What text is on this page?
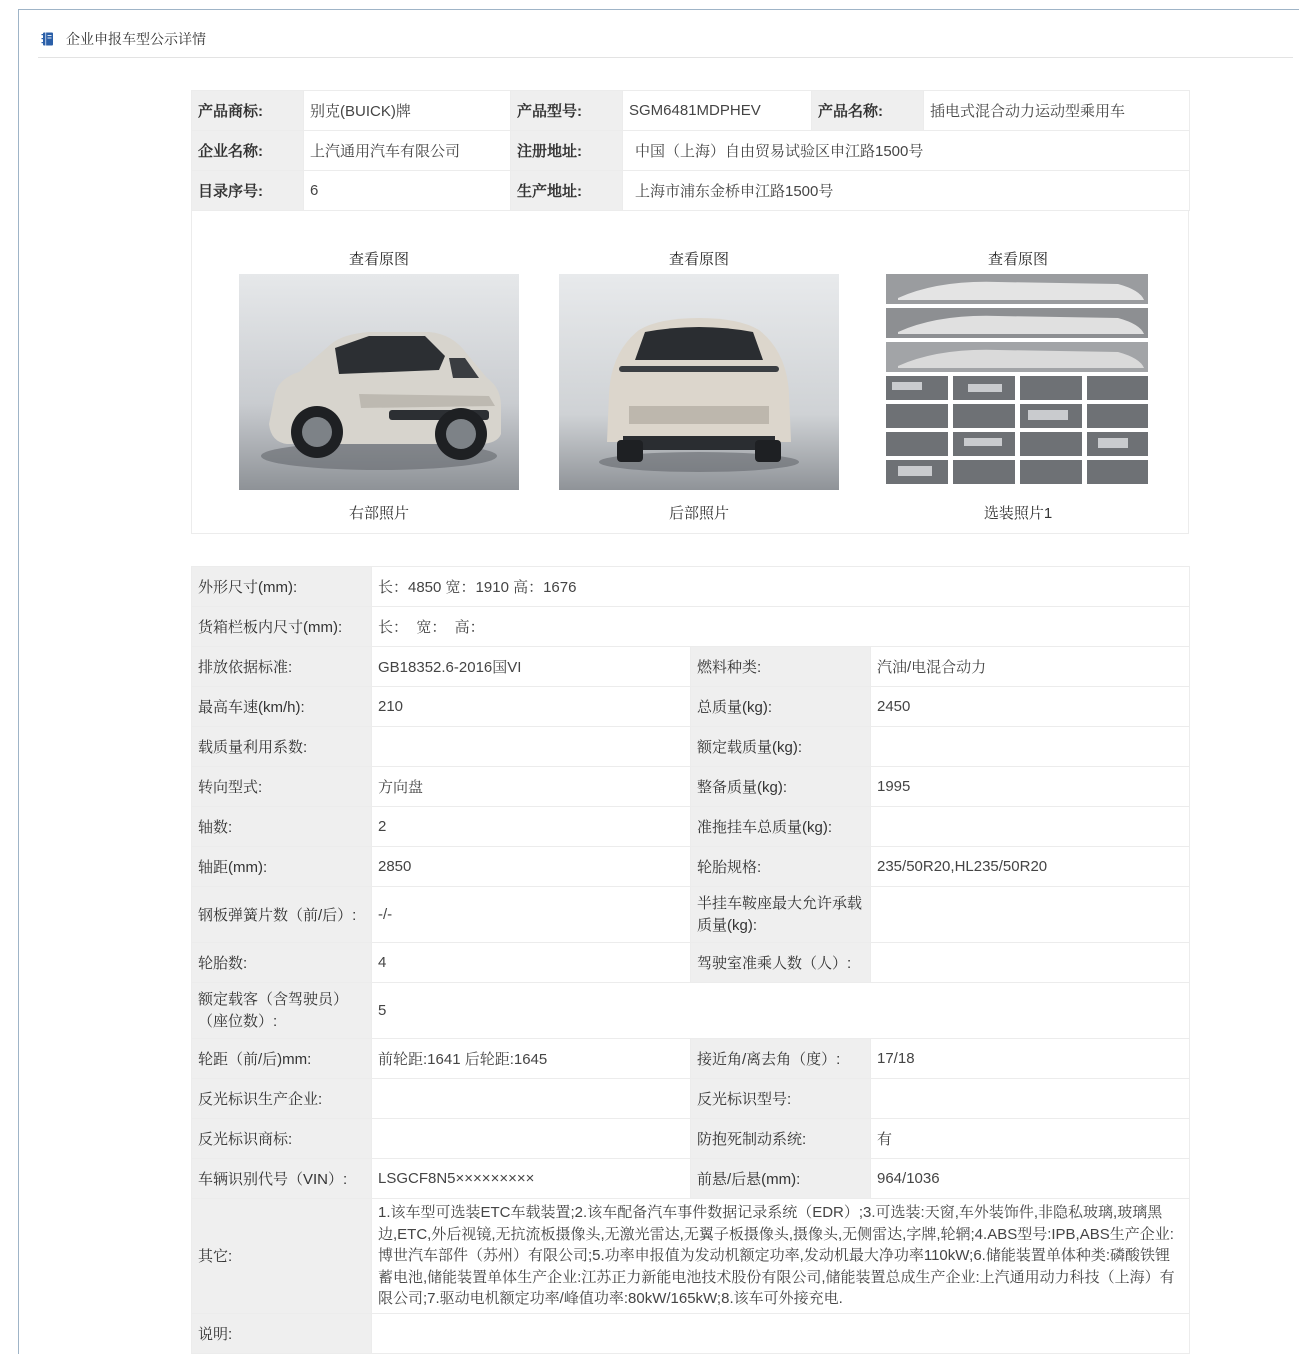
企业申报车型公示详情
产品商标:	别克(BUICK)牌	产品型号:	SGM6481MDPHEV	产品名称:	插电式混合动力运动型乘用车
企业名称:	上汽通用汽车有限公司	注册地址:	中国（上海）自由贸易试验区申江路1500号		
目录序号:	6	生产地址:	上海市浦东金桥申江路1500号		
查看原图
右部照片
查看原图
后部照片
查看原图
选装照片1
外形尺寸(mm):	长：4850 宽：1910 高：1676		
货箱栏板内尺寸(mm):	长：  宽：  高：		
排放依据标准:	GB18352.6-2016国VI	燃料种类:	汽油/电混合动力
最高车速(km/h):	210	总质量(kg):	2450
载质量利用系数:		额定载质量(kg):	
转向型式:	方向盘	整备质量(kg):	1995
轴数:	2	准拖挂车总质量(kg):	
轴距(mm):	2850	轮胎规格:	235/50R20,HL235/50R20
钢板弹簧片数（前/后）:	-/-	半挂车鞍座最大允许承载质量(kg):	
轮胎数:	4	驾驶室准乘人数（人）:	
额定载客（含驾驶员）（座位数）:	5		
轮距（前/后)mm:	前轮距:1641 后轮距:1645	接近角/离去角（度）:	17/18
反光标识生产企业:		反光标识型号:	
反光标识商标:		防抱死制动系统:	有
车辆识别代号（VIN）:	LSGCF8N5×××××××××	前悬/后悬(mm):	964/1036
其它:	1.该车型可选装ETC车载装置;2.该车配备汽车事件数据记录系统（EDR）;3.可选装:天窗,车外装饰件,非隐私玻璃,玻璃黑边,ETC,外后视镜,无抗流板摄像头,无激光雷达,无翼子板摄像头,摄像头,无侧雷达,字牌,轮辋;4.ABS型号:IPB,ABS生产企业:博世汽车部件（苏州）有限公司;5.功率申报值为发动机额定功率,发动机最大净功率110kW;6.储能装置单体种类:磷酸铁锂蓄电池,储能装置单体生产企业:江苏正力新能电池技术股份有限公司,储能装置总成生产企业:上汽通用动力科技（上海）有限公司;7.驱动电机额定功率/峰值功率:80kW/165kW;8.该车可外接充电.		
说明:			
